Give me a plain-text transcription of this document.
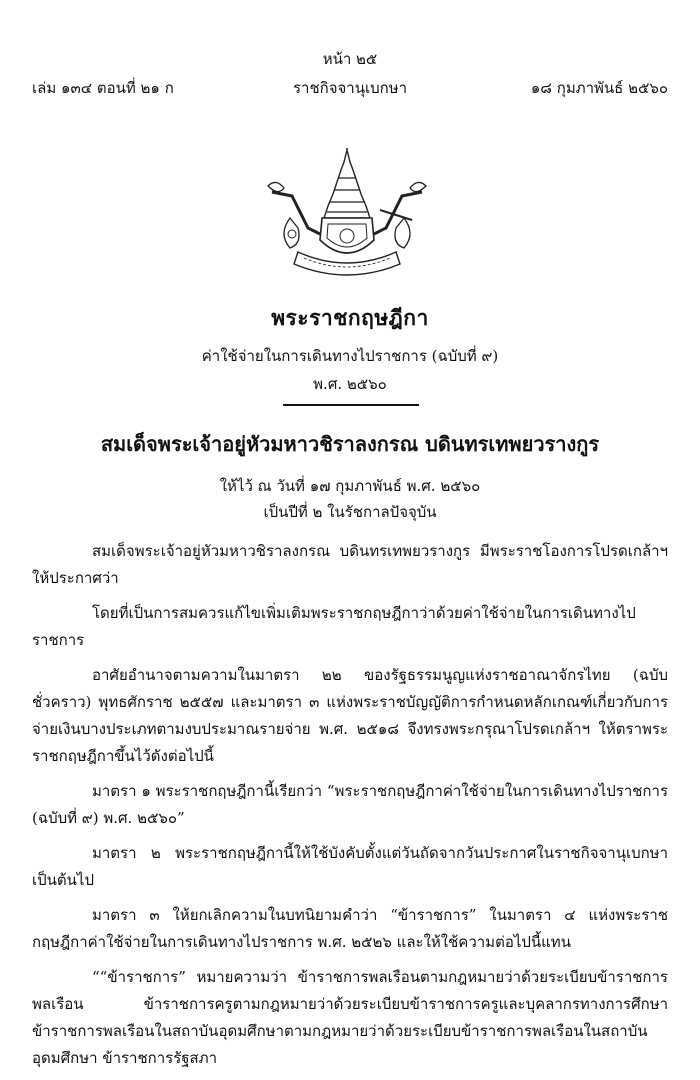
หน้า ๒๕
ราชกิจจานุเบกษา
เล่ม ๑๓๔ ตอนที่ ๒๑ ก	๑๘ กุมภาพันธ์ ๒๕๖๐
พระราชกฤษฎีกา
ค่าใช้จ่ายในการเดินทางไปราชการ (ฉบับที่ ๙)
พ.ศ. ๒๕๖๐
สมเด็จพระเจ้าอยู่หัวมหาวชิราลงกรณ บดินทรเทพยวรางกูร
ให้ไว้ ณ วันที่ ๑๗ กุมภาพันธ์ พ.ศ. ๒๕๖๐
เป็นปีที่ ๒ ในรัชกาลปัจจุบัน

สมเด็จพระเจ้าอยู่หัวมหาวชิราลงกรณ บดินทรเทพยวรางกูร มีพระราชโองการโปรดเกล้าฯ ให้ประกาศว่า

โดยที่เป็นการสมควรแก้ไขเพิ่มเติมพระราชกฤษฎีกาว่าด้วยค่าใช้จ่ายในการเดินทางไปราชการ

อาศัยอำนาจตามความในมาตรา ๒๒ ของรัฐธรรมนูญแห่งราชอาณาจักรไทย (ฉบับชั่วคราว) พุทธศักราช ๒๕๕๗ และมาตรา ๓ แห่งพระราชบัญญัติการกำหนดหลักเกณฑ์เกี่ยวกับการจ่ายเงินบางประเภทตามงบประมาณรายจ่าย พ.ศ. ๒๕๑๘ จึงทรงพระกรุณาโปรดเกล้าฯ ให้ตราพระราชกฤษฎีกาขึ้นไว้ดังต่อไปนี้

มาตรา ๑ พระราชกฤษฎีกานี้เรียกว่า “พระราชกฤษฎีกาค่าใช้จ่ายในการเดินทางไปราชการ (ฉบับที่ ๙) พ.ศ. ๒๕๖๐”

มาตรา ๒ พระราชกฤษฎีกานี้ให้ใช้บังคับตั้งแต่วันถัดจากวันประกาศในราชกิจจานุเบกษาเป็นต้นไป

มาตรา ๓ ให้ยกเลิกความในบทนิยามคำว่า “ข้าราชการ” ในมาตรา ๔ แห่งพระราชกฤษฎีกาค่าใช้จ่ายในการเดินทางไปราชการ พ.ศ. ๒๕๒๖ และให้ใช้ความต่อไปนี้แทน

““ข้าราชการ” หมายความว่า ข้าราชการพลเรือนตามกฎหมายว่าด้วยระเบียบข้าราชการพลเรือน ข้าราชการครูตามกฎหมายว่าด้วยระเบียบข้าราชการครูและบุคลากรทางการศึกษา ข้าราชการพลเรือนในสถาบันอุดมศึกษาตามกฎหมายว่าด้วยระเบียบข้าราชการพลเรือนในสถาบันอุดมศึกษา ข้าราชการรัฐสภา
